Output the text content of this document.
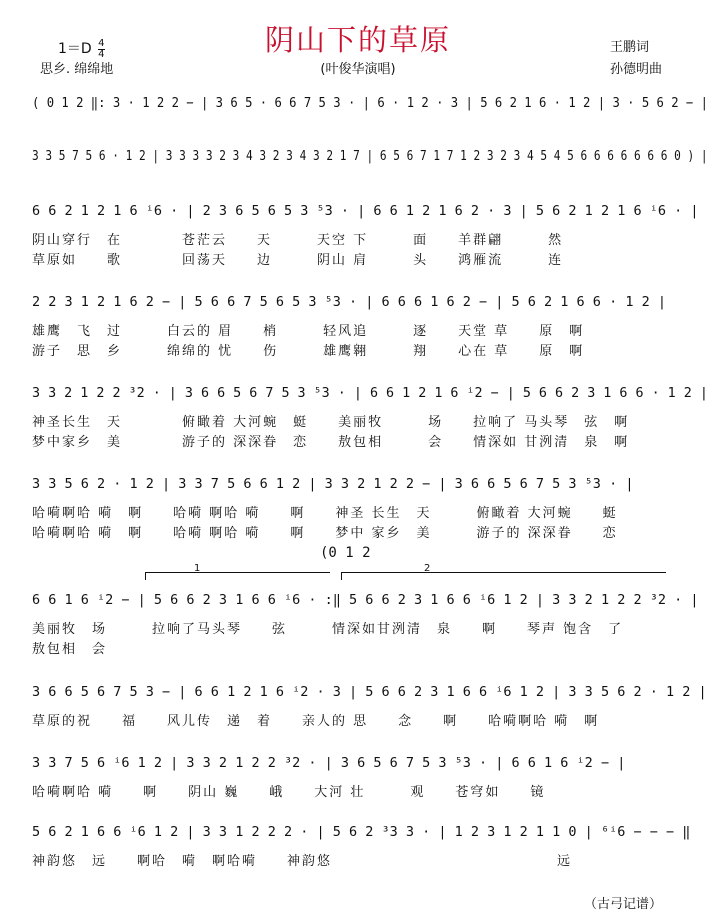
阴山下的草原
$1=D \frac{4}{4}$
思乡. 绵绵地	(叶俊华演唱)
王鹏词
孙德明曲
( 0 1 2 ‖: 3 · 1 2 2 − | 3 6 5 · 6 6 7 5 3 · | 6 · 1 2 · 3 | 5 6 2 1 6 · 1 2 | 3 · 5 6 2 − |
3 3 5 7 5 6 · 1 2 | 3 3 3 3 2 3 4 3 2 3 4 3 2 1 7 | 6 5 6 7 1 7 1 2 3 2 3 4 5 4 5 6 6 6 6 6 6 6 0 ) |
6 6 2 1 2 1 6 ⁱ6 · | 2 3 6 5 6 5 3 ⁵3 · | 6 6 1 2 1 6 2 · 3 | 5 6 2 1 2 1 6 ⁱ6 · |
阴山穿行　在　　　　苍茫云　　天　　　天空 下　　　面　　羊群翩　　　然
草原如　　歌　　　　回荡天　　边　　　阴山 肩　　　头　　鸿雁流　　　连
2 2 3 1 2 1 6 2 − | 5 6 6 7 5 6 5 3 ⁵3 · | 6 6 6 1 6 2 − | 5 6 2 1 6 6 · 1 2 |
雄鹰　飞　过　　　白云的 眉　　梢　　　轻风追　　　逐　　天堂 草　　原　啊
游子　思　乡　　　绵绵的 忧　　伤　　　雄鹰翱　　　翔　　心在 草　　原　啊
3 3 2 1 2 2 ³2 · | 3 6 6 5 6 7 5 3 ⁵3 · | 6 6 1 2 1 6 ⁱ2 − | 5 6 6 2 3 1 6 6 · 1 2 |
神圣长生　天　　　　俯瞰着 大河蜿　蜓　　美丽牧　　　场　　拉响了 马头琴　弦　啊
梦中家乡　美　　　　游子的 深深眷　恋　　敖包相　　　会　　情深如 甘洌清　泉　啊
3 3 5 6 2 · 1 2 | 3 3 7 5 6 6 1 2 | 3 3 2 1 2 2 − | 3 6 6 5 6 7 5 3 ⁵3 · |
哈嗬啊哈 嗬　啊　　哈嗬 啊哈 嗬　　啊　　神圣 长生　天　　　俯瞰着 大河蜿　　蜓
哈嗬啊哈 嗬　啊　　哈嗬 啊哈 嗬　　啊　　梦中 家乡　美　　　游子的 深深眷　　恋
(0 1 2
1	2
6 6 1 6 ⁱ2 − | 5 6 6 2 3 1 6 6 ⁱ6 · :‖ 5 6 6 2 3 1 6 6 ⁱ6 1 2 | 3 3 2 1 2 2 ³2 · |
美丽牧　场　　　拉响了马头琴　　弦　　　情深如甘洌清　泉　　啊　　琴声 饱含　了
敖包相　会
3 6 6 5 6 7 5 3 − | 6 6 1 2 1 6 ⁱ2 · 3 | 5 6 6 2 3 1 6 6 ⁱ6 1 2 | 3 3 5 6 2 · 1 2 |
草原的祝　　福　　风儿传　递　着　　亲人的 思　　念　　啊　　哈嗬啊哈 嗬　啊
3 3 7 5 6 ⁱ6 1 2 | 3 3 2 1 2 2 ³2 · | 3 6 5 6 7 5 3 ⁵3 · | 6 6 1 6 ⁱ2 − |
哈嗬啊哈 嗬　　啊　　阴山 巍　　峨　　大河 壮　　　观　　苍穹如　　镜
5 6 2 1 6 6 ⁱ6 1 2 | 3 3 1 2 2 2 · | 5 6 2 ³3 3 · | 1 2 3 1 2 1 1 0 | ⁶ⁱ6 − − − ‖
神韵悠　远　　啊哈　嗬　啊哈嗬　　神韵悠　　　　　　　　　　　　　　　远
（古弓记谱）
